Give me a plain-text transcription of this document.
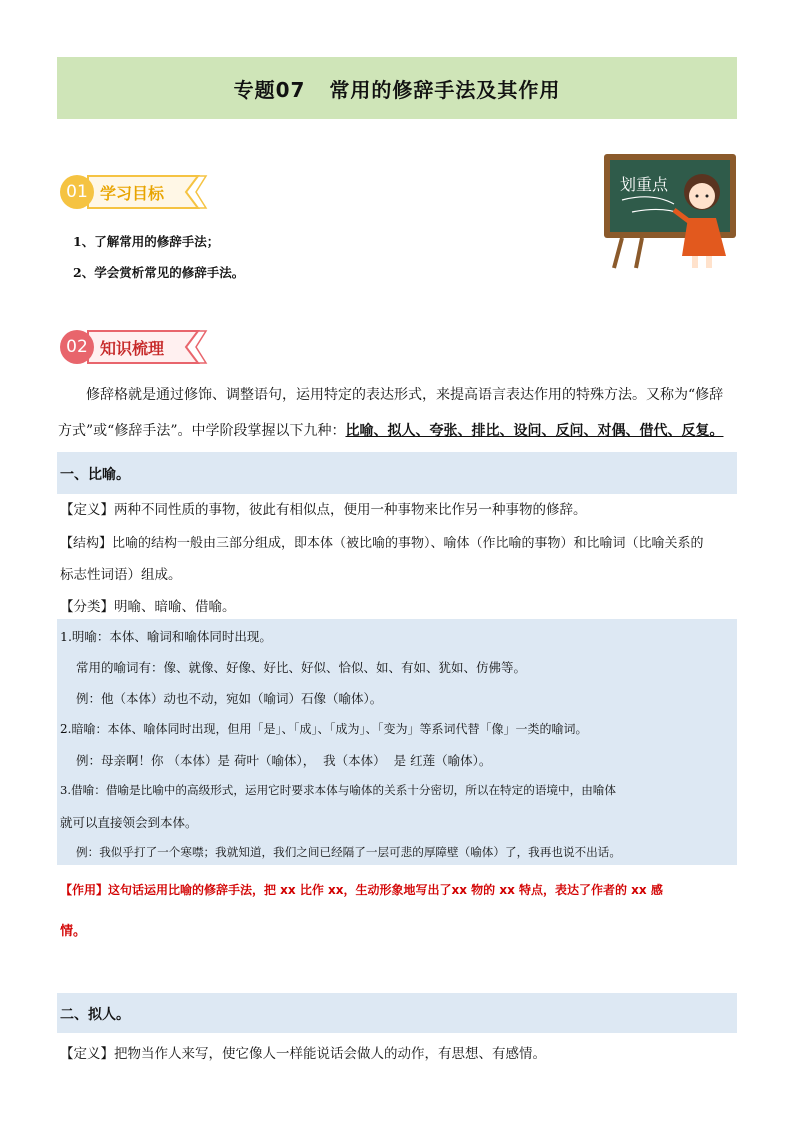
专题07   常用的修辞手法及其作用
01 学习目标
1、了解常用的修辞手法；
2、学会赏析常见的修辞手法。
划重点
02 知识梳理
修辞格就是通过修饰、调整语句，运用特定的表达形式，来提高语言表达作用的特殊方法。又称为“修辞
方式”或“修辞手法”。中学阶段掌握以下九种：比喻、拟人、夸张、排比、设问、反问、对偶、借代、反复。
一、比喻。
【定义】两种不同性质的事物，彼此有相似点，便用一种事物来比作另一种事物的修辞。
【结构】比喻的结构一般由三部分组成，即本体（被比喻的事物）、喻体（作比喻的事物）和比喻词（比喻关系的
标志性词语）组成。
【分类】明喻、暗喻、借喻。
1.明喻：本体、喻词和喻体同时出现。
常用的喻词有：像、就像、好像、好比、好似、恰似、如、有如、犹如、仿佛等。
例：他（本体）动也不动，宛如（喻词）石像（喻体）。
2.暗喻：本体、喻体同时出现，但用「是」、「成」、「成为」、「变为」等系词代替「像」一类的喻词。
例：母亲啊！你 （本体）是 荷叶（喻体），  我（本体）  是 红莲（喻体）。
3.借喻：借喻是比喻中的高级形式，运用它时要求本体与喻体的关系十分密切，所以在特定的语境中，由喻体
就可以直接领会到本体。
例：我似乎打了一个寒噤；我就知道，我们之间已经隔了一层可悲的厚障壁（喻体）了，我再也说不出话。
【作用】这句话运用比喻的修辞手法，把 xx 比作 xx，生动形象地写出了xx 物的 xx 特点，表达了作者的 xx 感
情。
二、拟人。
【定义】把物当作人来写，使它像人一样能说话会做人的动作，有思想、有感情。
